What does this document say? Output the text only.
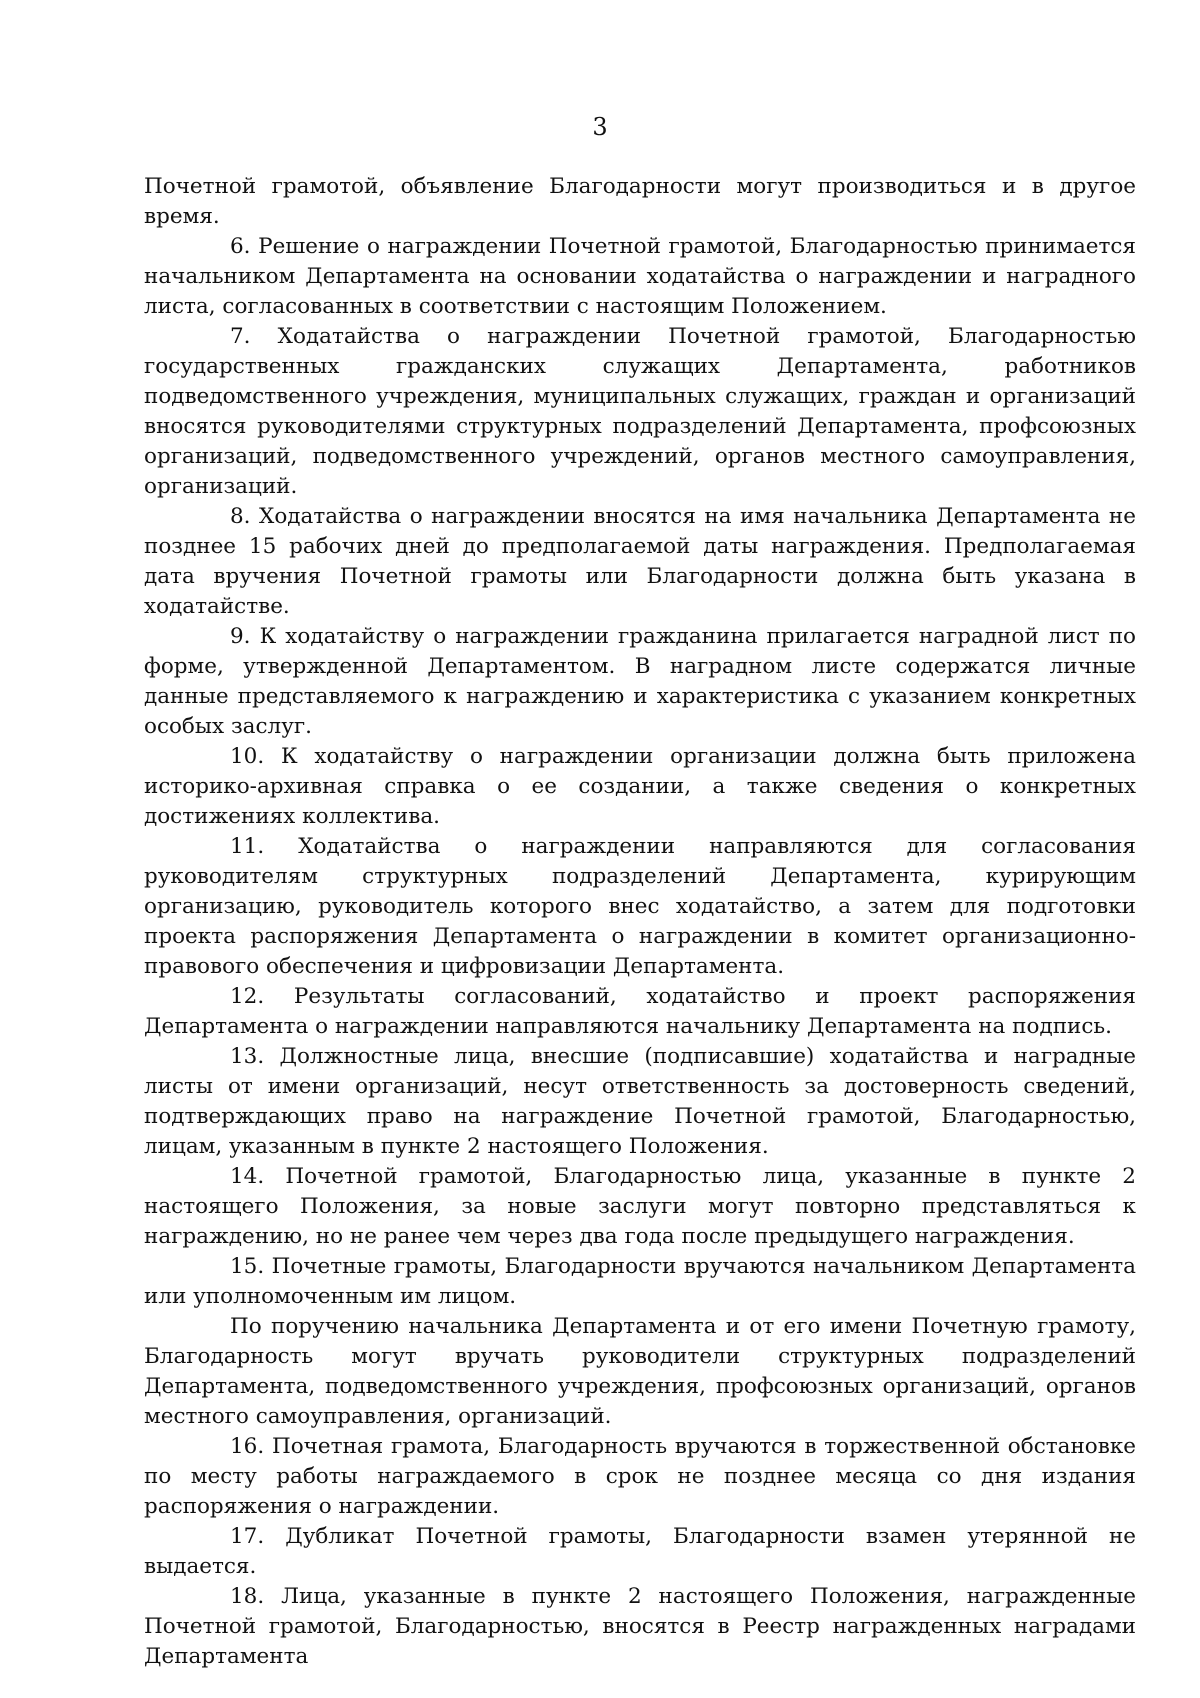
3

Почетной грамотой, объявление Благодарности могут производиться и в другое время.

6. Решение о награждении Почетной грамотой, Благодарностью принимается начальником Департамента на основании ходатайства о награждении и наградного листа, согласованных в соответствии с настоящим Положением.

7. Ходатайства о награждении Почетной грамотой, Благодарностью государственных гражданских служащих Департамента, работников подведомственного учреждения, муниципальных служащих, граждан и организаций вносятся руководителями структурных подразделений Департамента, профсоюзных организаций, подведомственного учреждений, органов местного самоуправления, организаций.

8. Ходатайства о награждении вносятся на имя начальника Департамента не позднее 15 рабочих дней до предполагаемой даты награждения. Предполагаемая дата вручения Почетной грамоты или Благодарности должна быть указана в ходатайстве.

9. К ходатайству о награждении гражданина прилагается наградной лист по форме, утвержденной Департаментом. В наградном листе содержатся личные данные представляемого к награждению и характеристика с указанием конкретных особых заслуг.

10. К ходатайству о награждении организации должна быть приложена историко-архивная справка о ее создании, а также сведения о конкретных достижениях коллектива.

11. Ходатайства о награждении направляются для согласования руководителям структурных подразделений Департамента, курирующим организацию, руководитель которого внес ходатайство, а затем для подготовки проекта распоряжения Департамента о награждении в комитет организационно-правового обеспечения и цифровизации Департамента.

12. Результаты согласований, ходатайство и проект распоряжения Департамента о награждении направляются начальнику Департамента на подпись.

13. Должностные лица, внесшие (подписавшие) ходатайства и наградные листы от имени организаций, несут ответственность за достоверность сведений, подтверждающих право на награждение Почетной грамотой, Благодарностью, лицам, указанным в пункте 2 настоящего Положения.

14. Почетной грамотой, Благодарностью лица, указанные в пункте 2 настоящего Положения, за новые заслуги могут повторно представляться к награждению, но не ранее чем через два года после предыдущего награждения.

15. Почетные грамоты, Благодарности вручаются начальником Департамента или уполномоченным им лицом.

По поручению начальника Департамента и от его имени Почетную грамоту, Благодарность могут вручать руководители структурных подразделений Департамента, подведомственного учреждения, профсоюзных организаций, органов местного самоуправления, организаций.

16. Почетная грамота, Благодарность вручаются в торжественной обстановке по месту работы награждаемого в срок не позднее месяца со дня издания распоряжения о награждении.

17. Дубликат Почетной грамоты, Благодарности взамен утерянной не выдается.

18. Лица, указанные в пункте 2 настоящего Положения, награжденные Почетной грамотой, Благодарностью, вносятся в Реестр награжденных наградами Департамента
